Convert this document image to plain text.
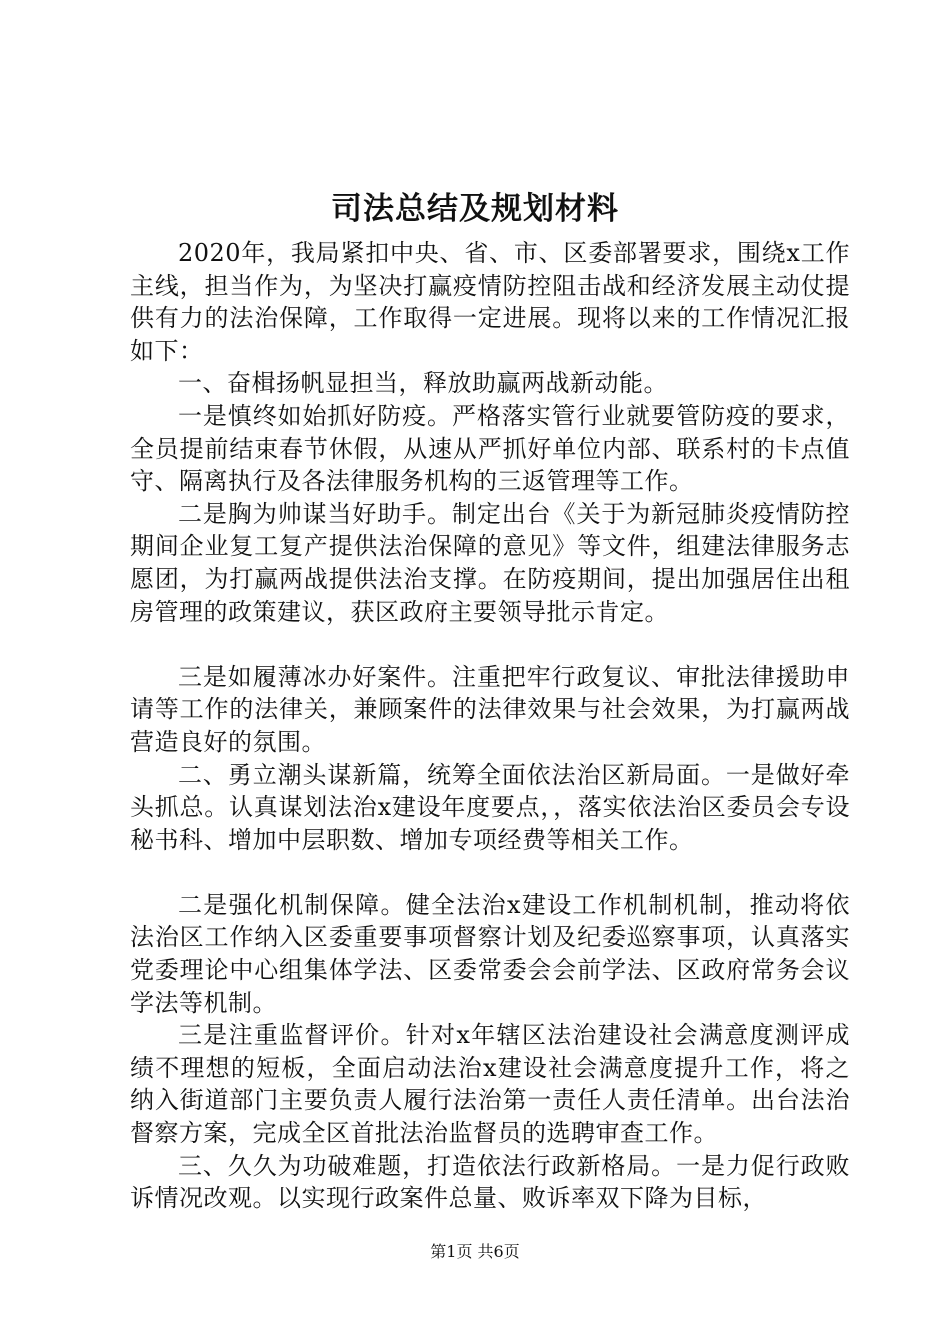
司法总结及规划材料

2020年，我局紧扣中央、省、市、区委部署要求，围绕x工作主线，担当作为，为坚决打赢疫情防控阻击战和经济发展主动仗提供有力的法治保障，工作取得一定进展。现将以来的工作情况汇报如下：

一、奋楫扬帆显担当，释放助赢两战新动能。

一是慎终如始抓好防疫。严格落实管行业就要管防疫的要求，全员提前结束春节休假，从速从严抓好单位内部、联系村的卡点值守、隔离执行及各法律服务机构的三返管理等工作。

二是胸为帅谋当好助手。制定出台《关于为新冠肺炎疫情防控期间企业复工复产提供法治保障的意见》等文件，组建法律服务志愿团，为打赢两战提供法治支撑。在防疫期间，提出加强居住出租房管理的政策建议，获区政府主要领导批示肯定。

三是如履薄冰办好案件。注重把牢行政复议、审批法律援助申请等工作的法律关，兼顾案件的法律效果与社会效果，为打赢两战营造良好的氛围。

二、勇立潮头谋新篇，统筹全面依法治区新局面。一是做好牵头抓总。认真谋划法治x建设年度要点，，落实依法治区委员会专设秘书科、增加中层职数、增加专项经费等相关工作。

二是强化机制保障。健全法治x建设工作机制机制，推动将依法治区工作纳入区委重要事项督察计划及纪委巡察事项，认真落实党委理论中心组集体学法、区委常委会会前学法、区政府常务会议学法等机制。

三是注重监督评价。针对x年辖区法治建设社会满意度测评成绩不理想的短板，全面启动法治x建设社会满意度提升工作，将之纳入街道部门主要负责人履行法治第一责任人责任清单。出台法治督察方案，完成全区首批法治监督员的选聘审查工作。

三、久久为功破难题，打造依法行政新格局。一是力促行政败诉情况改观。以实现行政案件总量、败诉率双下降为目标，

第1页 共6页
